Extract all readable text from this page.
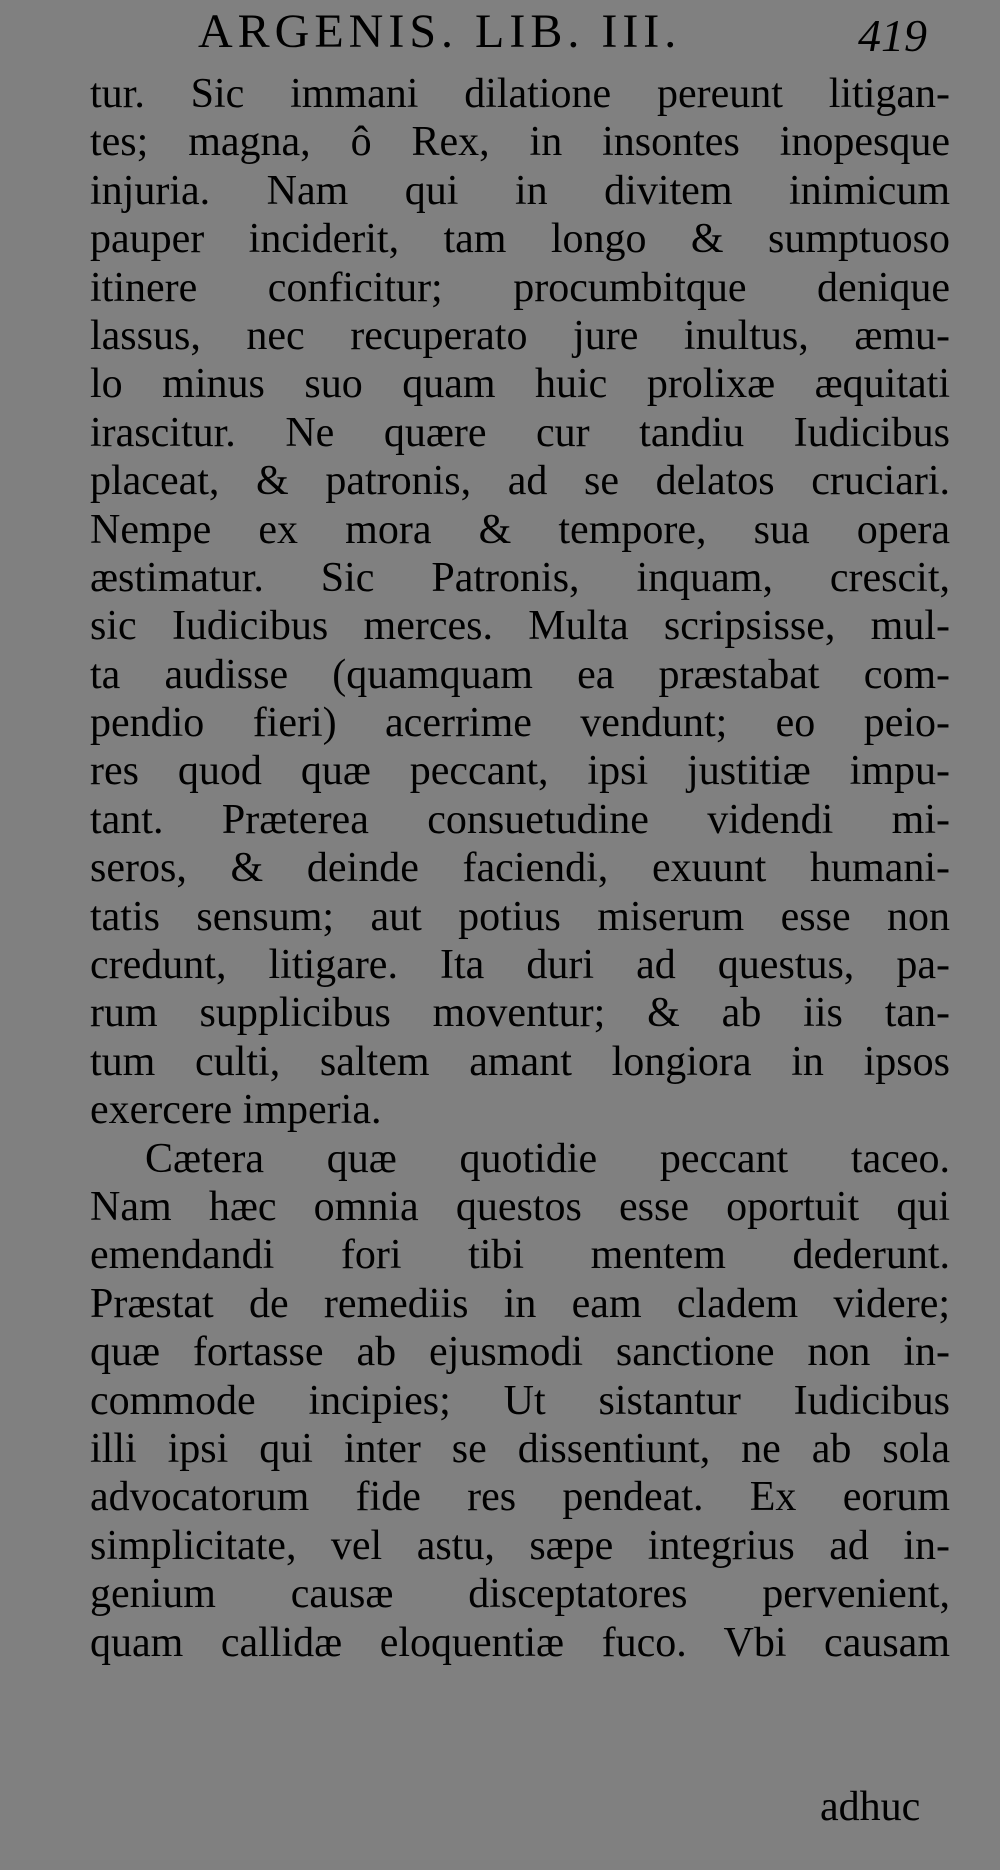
ARGENIS. LIB. III.	419
tur. Sic immani dilatione pereunt litigan-
tes; magna, ô Rex, in insontes inopesque
injuria. Nam qui in divitem inimicum
pauper inciderit, tam longo & sumptuoso
itinere conficitur; procumbitque denique
lassus, nec recuperato jure inultus, æmu-
lo minus suo quam huic prolixæ æquitati
irascitur. Ne quære cur tandiu Iudicibus
placeat, & patronis, ad se delatos cruciari.
Nempe ex mora & tempore, sua opera
æstimatur. Sic Patronis, inquam, crescit,
sic Iudicibus merces. Multa scripsisse, mul-
ta audisse (quamquam ea præstabat com-
pendio fieri) acerrime vendunt; eo peio-
res quod quæ peccant, ipsi justitiæ impu-
tant. Præterea consuetudine videndi mi-
seros, & deinde faciendi, exuunt humani-
tatis sensum; aut potius miserum esse non
credunt, litigare. Ita duri ad questus, pa-
rum supplicibus moventur; & ab iis tan-
tum culti, saltem amant longiora in ipsos
exercere imperia.
Cætera quæ quotidie peccant taceo.
Nam hæc omnia questos esse oportuit qui
emendandi fori tibi mentem dederunt.
Præstat de remediis in eam cladem videre;
quæ fortasse ab ejusmodi sanctione non in-
commode incipies; Ut sistantur Iudicibus
illi ipsi qui inter se dissentiunt, ne ab sola
advocatorum fide res pendeat. Ex eorum
simplicitate, vel astu, sæpe integrius ad in-
genium causæ disceptatores pervenient,
quam callidæ eloquentiæ fuco. Vbi causam
adhuc
